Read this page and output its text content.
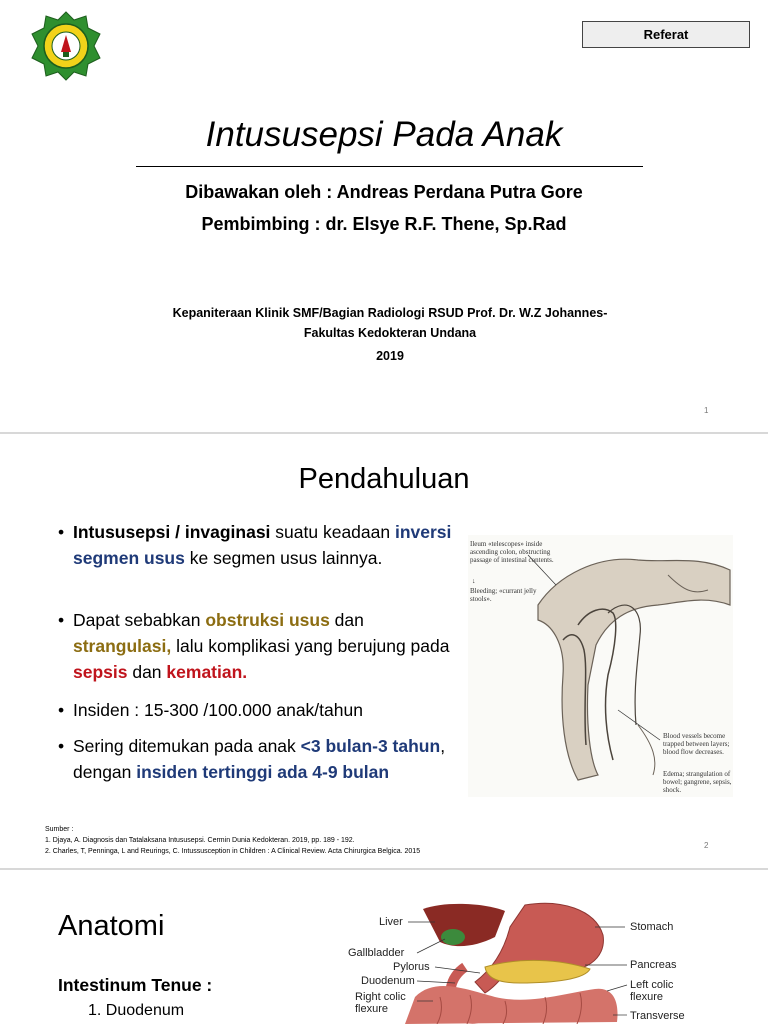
Referat
Intususepsi Pada Anak
Dibawakan oleh : Andreas Perdana Putra Gore
Pembimbing : dr. Elsye R.F. Thene, Sp.Rad
Kepaniteraan Klinik SMF/Bagian Radiologi RSUD Prof. Dr. W.Z Johannes-
Fakultas Kedokteran Undana
2019
1
Pendahuluan
• Intususepsi / invaginasi suatu keadaan inversi segmen usus ke segmen usus lainnya.
• Dapat sebabkan obstruksi usus dan strangulasi, lalu komplikasi yang berujung pada sepsis dan kematian.
• Insiden : 15-300 /100.000 anak/tahun
• Sering ditemukan pada anak <3 bulan-3 tahun, dengan insiden tertinggi ada 4-9 bulan
Ileum «telescopes» inside ascending colon, obstructing passage of intestinal contents.
↓
Bleeding; «currant jelly stools».
Blood vessels become trapped between layers; blood flow decreases.
Edema; strangulation of bowel; gangrene, sepsis, shock.
Sumber :
1. Djaya, A. Diagnosis dan Tatalaksana Intususepsi. Cermin Dunia Kedokteran. 2019, pp. 189 - 192.
2. Charles, T, Penninga, L and Reurings, C. Intussusception in Children : A Clinical Review. Acta Chirurgica Belgica. 2015
2
Anatomi
Intestinum Tenue :
1. Duodenum
Liver
Gallbladder
Pylorus
Duodenum
Right colic flexure
Stomach
Pancreas
Left colic flexure
Transverse
